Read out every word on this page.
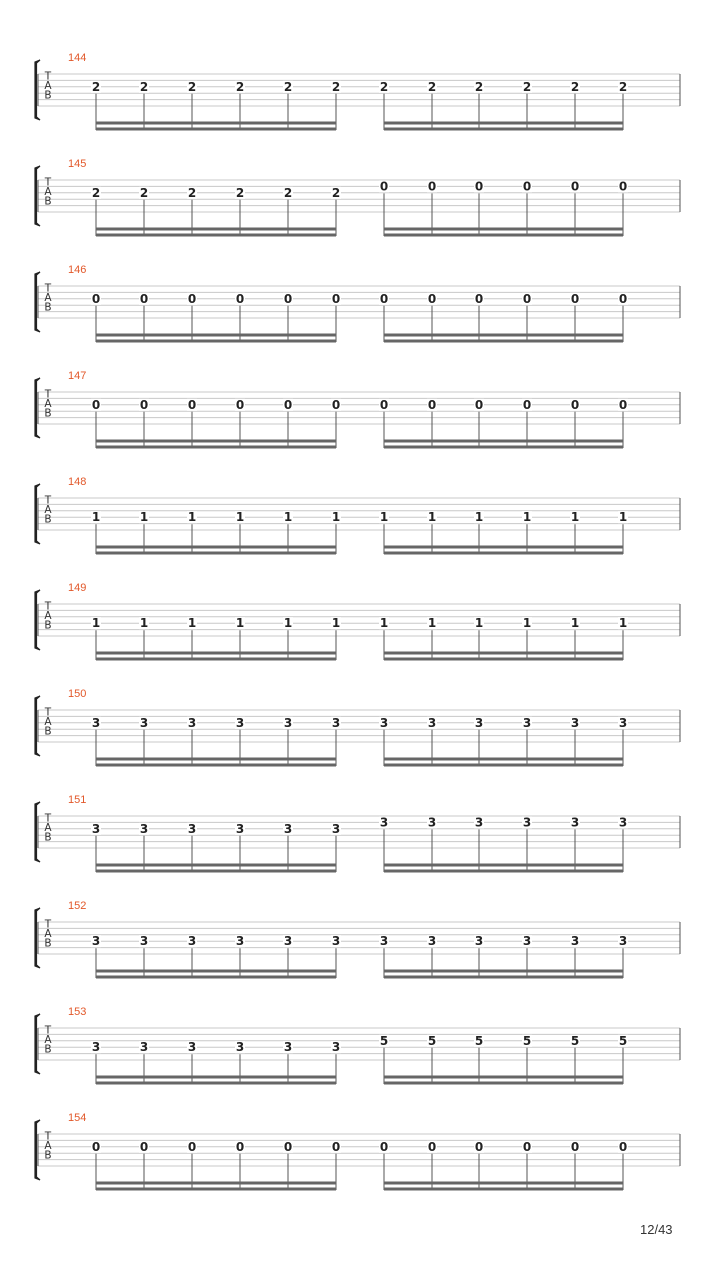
144
T
A
B
2	2	2	2	2	2	2	2	2	2	2	2
145
T
A
B
2	2	2	2	2	2	0	0	0	0	0	0
146
T
A
B
0	0	0	0	0	0	0	0	0	0	0	0
147
T
A
B
0	0	0	0	0	0	0	0	0	0	0	0
148
T
A
B	1	1	1	1	1	1	1	1	1	1	1	1
149
T
A
B	1	1	1	1	1	1	1	1	1	1	1	1
150
T
A
B
3	3	3	3	3	3	3	3	3	3	3	3
151
T
A
B
3	3	3	3	3	3	3	3	3	3	3	3
152
T
A
B	3	3	3	3	3	3	3	3	3	3	3	3
153
T
A
B	3	3	3	3	3	3	5	5	5	5	5	5
154
T
A
B
0	0	0	0	0	0	0	0	0	0	0	0
12/43
